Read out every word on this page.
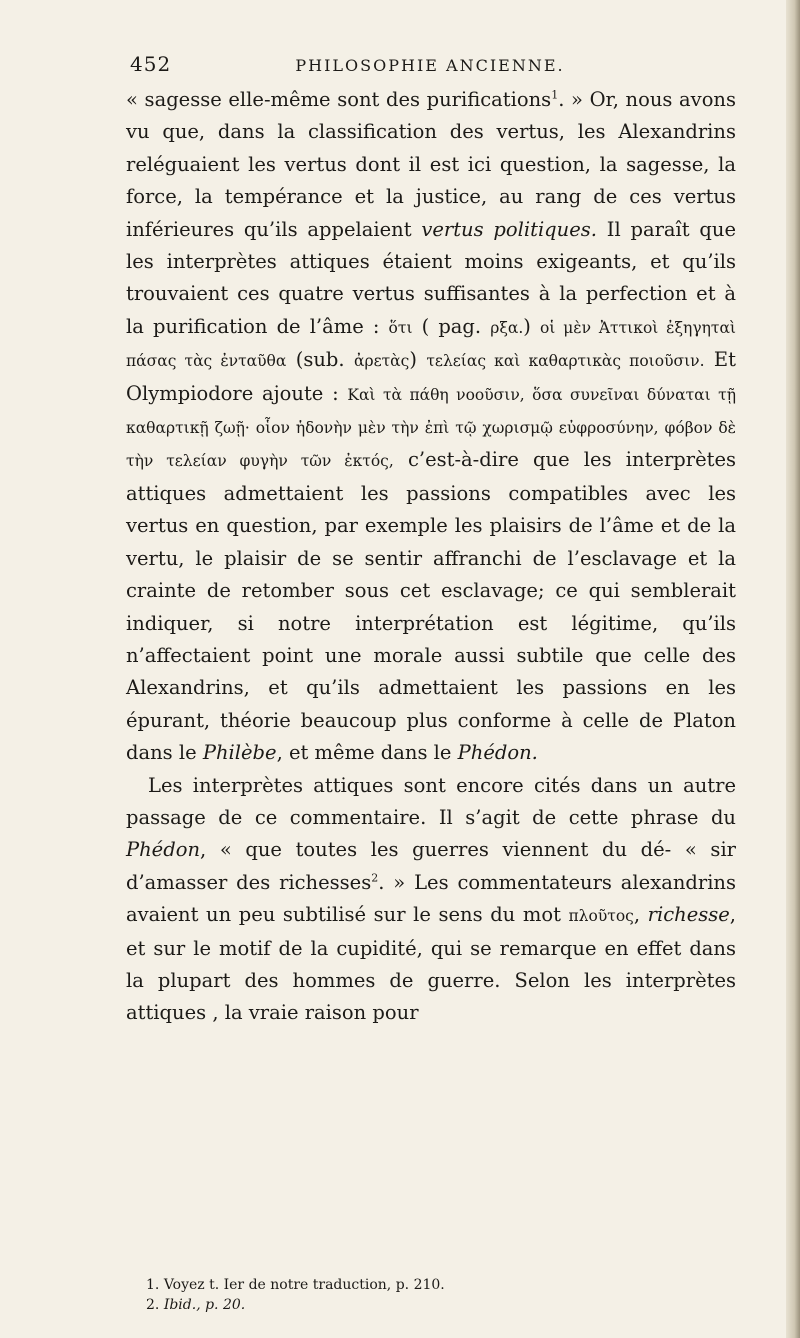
452	PHILOSOPHIE ANCIENNE.

« sagesse elle-même sont des purifications$^1$. » Or, nous avons vu que, dans la classification des vertus, les Alexandrins reléguaient les vertus dont il est ici question, la sagesse, la force, la tempérance et la justice, au rang de ces vertus inférieures qu’ils appelaient vertus politiques. Il paraît que les interprètes attiques étaient moins exigeants, et qu’ils trouvaient ces quatre vertus suffisantes à la perfection et à la purification de l’âme : ὅτι ( pag. ρξα.) οἱ μὲν Ἀττικοὶ ἐξηγηταὶ πάσας τὰς ἐνταῦθα (sub. ἀρετὰς) τελείας καὶ καθαρτικὰς ποιοῦσιν. Et Olympiodore ajoute : Καὶ τὰ πάθη νοοῦσιν, ὅσα συνεῖναι δύναται τῇ καθαρτικῇ ζωῇ· οἷον ἡδονὴν μὲν τὴν ἐπὶ τῷ χωρισμῷ εὐφροσύνην, φόβον δὲ τὴν τελείαν φυγὴν τῶν ἐκτός, c’est-à-dire que les interprètes attiques admettaient les passions compatibles avec les vertus en question, par exemple les plaisirs de l’âme et de la vertu, le plaisir de se sentir affranchi de l’esclavage et la crainte de retomber sous cet esclavage; ce qui semblerait indiquer, si notre interprétation est légitime, qu’ils n’affectaient point une morale aussi subtile que celle des Alexandrins, et qu’ils admettaient les passions en les épurant, théorie beaucoup plus conforme à celle de Platon dans le Philèbe, et même dans le Phédon.

Les interprètes attiques sont encore cités dans un autre passage de ce commentaire. Il s’agit de cette phrase du Phédon, « que toutes les guerres viennent du dé- « sir d’amasser des richesses$^2$. » Les commentateurs alexandrins avaient un peu subtilisé sur le sens du mot πλοῦτος, richesse, et sur le motif de la cupidité, qui se remarque en effet dans la plupart des hommes de guerre. Selon les interprètes attiques , la vraie raison pour

1. Voyez t. Ier de notre traduction, p. 210.
2. Ibid., p. 20.
